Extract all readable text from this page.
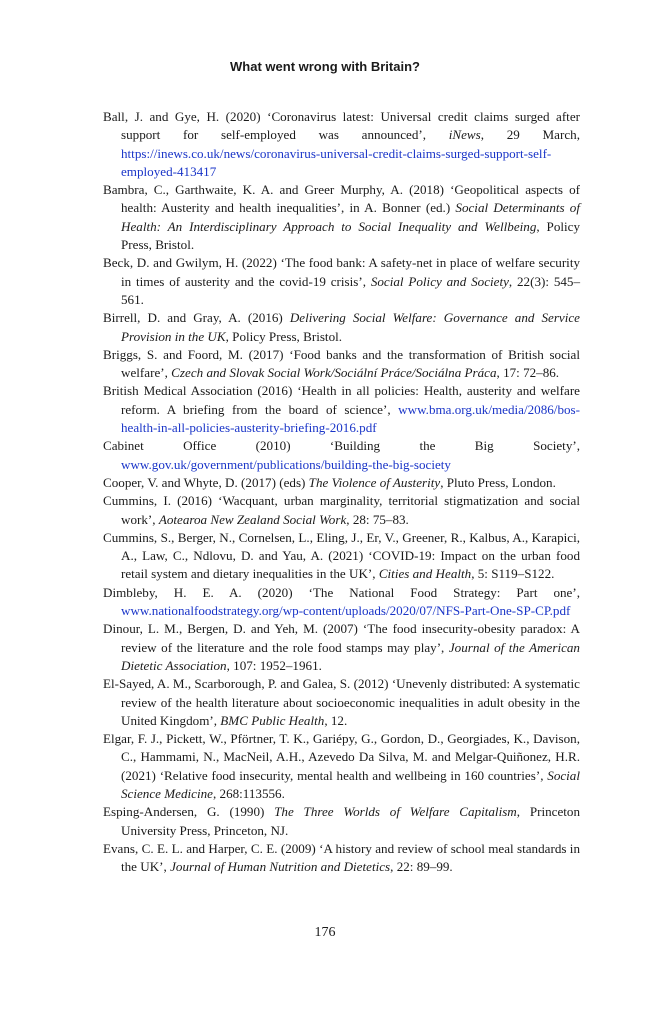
What went wrong with Britain?

Ball, J. and Gye, H. (2020) ‘Coronavirus latest: Universal credit claims surged after support for self-employed was announced’, iNews, 29 March, https://inews.co.uk/news/coronavirus-universal-credit-claims-surged-support-self-employed-413417

Bambra, C., Garthwaite, K. A. and Greer Murphy, A. (2018) ‘Geopolitical aspects of health: Austerity and health inequalities’, in A. Bonner (ed.) Social Determinants of Health: An Interdisciplinary Approach to Social Inequality and Wellbeing, Policy Press, Bristol.

Beck, D. and Gwilym, H. (2022) ‘The food bank: A safety-net in place of welfare security in times of austerity and the covid-19 crisis’, Social Policy and Society, 22(3): 545–561.

Birrell, D. and Gray, A. (2016) Delivering Social Welfare: Governance and Service Provision in the UK, Policy Press, Bristol.

Briggs, S. and Foord, M. (2017) ‘Food banks and the transformation of British social welfare’, Czech and Slovak Social Work/Sociální Práce/Sociálna Práca, 17: 72–86.

British Medical Association (2016) ‘Health in all policies: Health, austerity and welfare reform. A briefing from the board of science’, www.bma.org.uk/media/2086/bos-health-in-all-policies-austerity-briefing-2016.pdf

Cabinet Office (2010) ‘Building the Big Society’, www.gov.uk/government/publications/building-the-big-society

Cooper, V. and Whyte, D. (2017) (eds) The Violence of Austerity, Pluto Press, London.

Cummins, I. (2016) ‘Wacquant, urban marginality, territorial stigmatization and social work’, Aotearoa New Zealand Social Work, 28: 75–83.

Cummins, S., Berger, N., Cornelsen, L., Eling, J., Er, V., Greener, R., Kalbus, A., Karapici, A., Law, C., Ndlovu, D. and Yau, A. (2021) ‘COVID-19: Impact on the urban food retail system and dietary inequalities in the UK’, Cities and Health, 5: S119–S122.

Dimbleby, H. E. A. (2020) ‘The National Food Strategy: Part one’, www.nationalfoodstrategy.org/wp-content/uploads/2020/07/NFS-Part-One-SP-CP.pdf

Dinour, L. M., Bergen, D. and Yeh, M. (2007) ‘The food insecurity-obesity paradox: A review of the literature and the role food stamps may play’, Journal of the American Dietetic Association, 107: 1952–1961.

El-Sayed, A. M., Scarborough, P. and Galea, S. (2012) ‘Unevenly distributed: A systematic review of the health literature about socioeconomic inequalities in adult obesity in the United Kingdom’, BMC Public Health, 12.

Elgar, F. J., Pickett, W., Pförtner, T. K., Gariépy, G., Gordon, D., Georgiades, K., Davison, C., Hammami, N., MacNeil, A.H., Azevedo Da Silva, M. and Melgar-Quiñonez, H.R. (2021) ‘Relative food insecurity, mental health and wellbeing in 160 countries’, Social Science Medicine, 268:113556.

Esping-Andersen, G. (1990) The Three Worlds of Welfare Capitalism, Princeton University Press, Princeton, NJ.

Evans, C. E. L. and Harper, C. E. (2009) ‘A history and review of school meal standards in the UK’, Journal of Human Nutrition and Dietetics, 22: 89–99.

176
